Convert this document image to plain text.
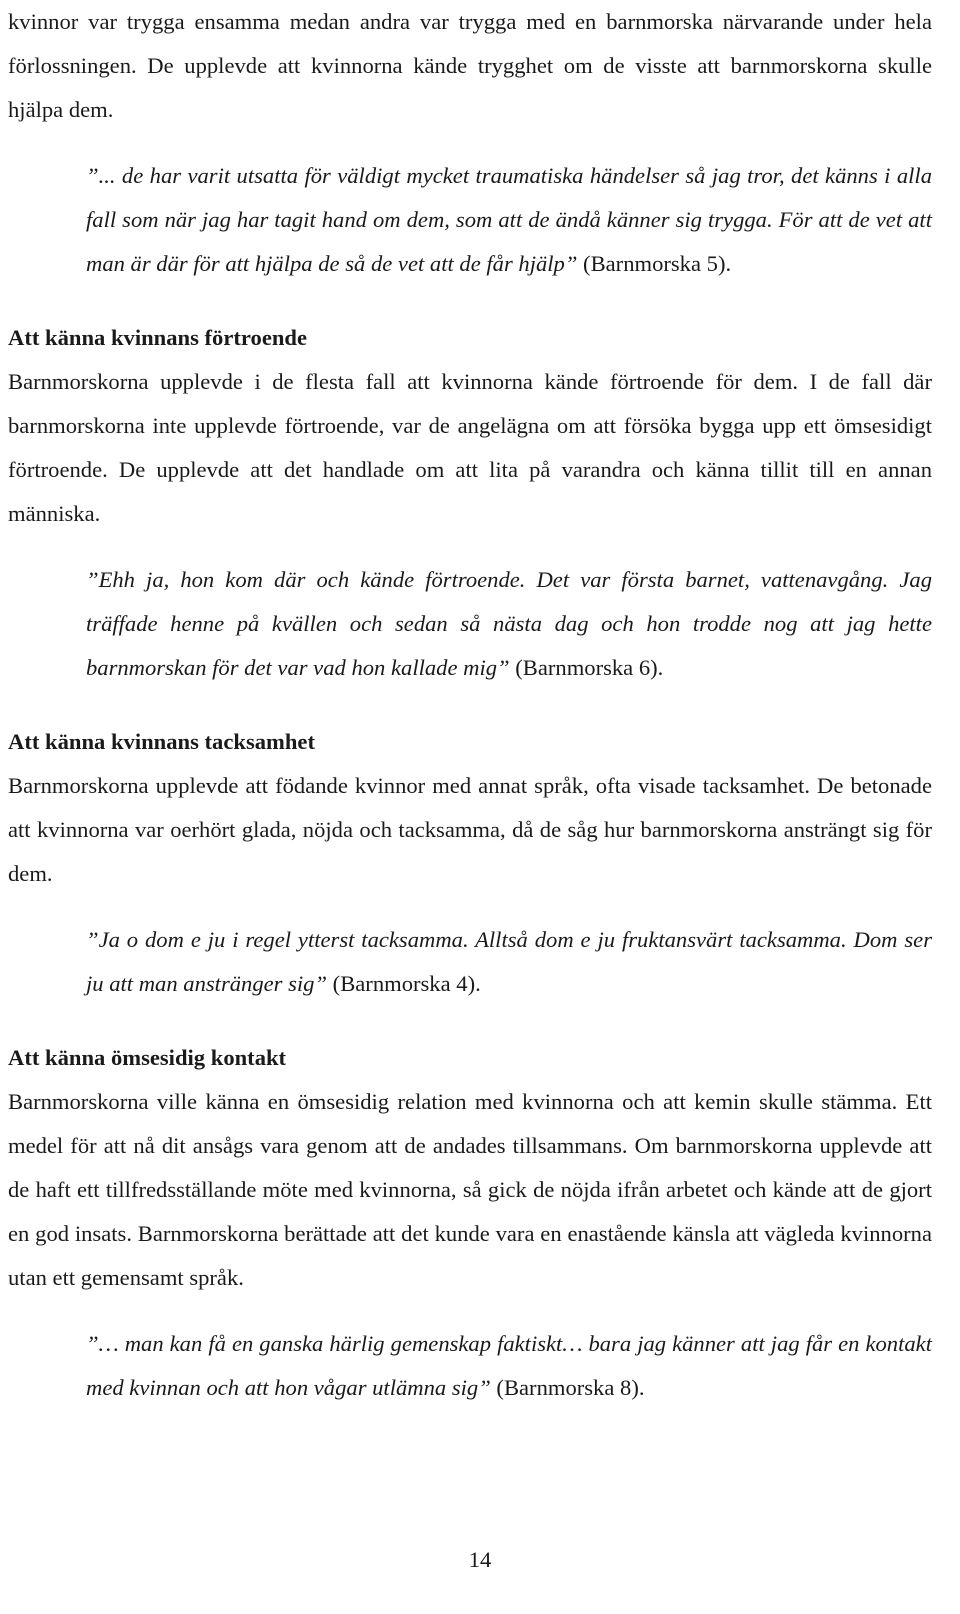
kvinnor var trygga ensamma medan andra var trygga med en barnmorska närvarande under hela förlossningen. De upplevde att kvinnorna kände trygghet om de visste att barnmorskorna skulle hjälpa dem.

”... de har varit utsatta för väldigt mycket traumatiska händelser så jag tror, det känns i alla fall som när jag har tagit hand om dem, som att de ändå känner sig trygga. För att de vet att man är där för att hjälpa de så de vet att de får hjälp” (Barnmorska 5).

Att känna kvinnans förtroende

Barnmorskorna upplevde i de flesta fall att kvinnorna kände förtroende för dem. I de fall där barnmorskorna inte upplevde förtroende, var de angelägna om att försöka bygga upp ett ömsesidigt förtroende. De upplevde att det handlade om att lita på varandra och känna tillit till en annan människa.

”Ehh ja, hon kom där och kände förtroende. Det var första barnet, vattenavgång. Jag träffade henne på kvällen och sedan så nästa dag och hon trodde nog att jag hette barnmorskan för det var vad hon kallade mig” (Barnmorska 6).

Att känna kvinnans tacksamhet

Barnmorskorna upplevde att födande kvinnor med annat språk, ofta visade tacksamhet. De betonade att kvinnorna var oerhört glada, nöjda och tacksamma, då de såg hur barnmorskorna ansträngt sig för dem.

”Ja o dom e ju i regel ytterst tacksamma. Alltså dom e ju fruktansvärt tacksamma. Dom ser ju att man anstränger sig” (Barnmorska 4).

Att känna ömsesidig kontakt

Barnmorskorna ville känna en ömsesidig relation med kvinnorna och att kemin skulle stämma. Ett medel för att nå dit ansågs vara genom att de andades tillsammans. Om barnmorskorna upplevde att de haft ett tillfredsställande möte med kvinnorna, så gick de nöjda ifrån arbetet och kände att de gjort en god insats. Barnmorskorna berättade att det kunde vara en enastående känsla att vägleda kvinnorna utan ett gemensamt språk.

”… man kan få en ganska härlig gemenskap faktiskt… bara jag känner att jag får en kontakt med kvinnan och att hon vågar utlämna sig” (Barnmorska 8).

14
